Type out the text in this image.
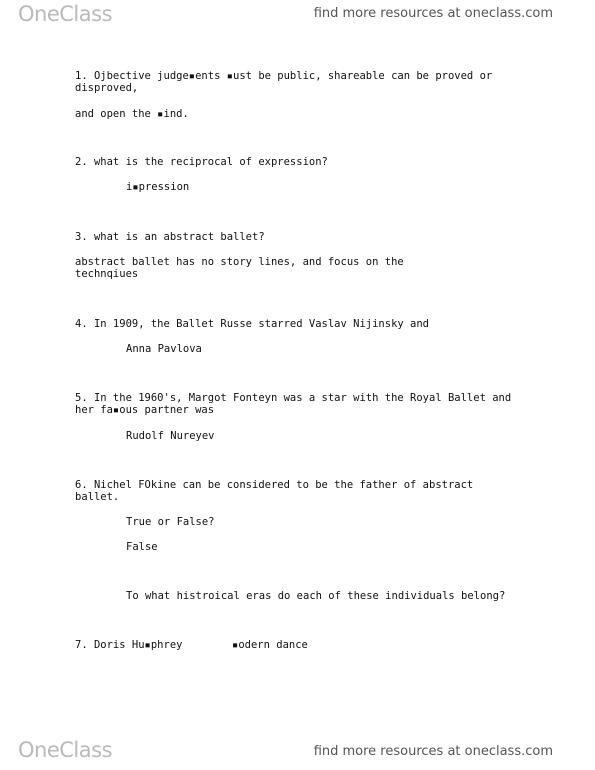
OneClass	find more resources at oneclass.com
1. Ojbective judge▪ents ▪ust be public, shareable can be proved or
disproved,
and open the ▪ind.
2. what is the reciprocal of expression?
i▪pression
3. what is an abstract ballet?
abstract ballet has no story lines, and focus on the
technqiues
4. In 1909, the Ballet Russe starred Vaslav Nijinsky and
Anna Pavlova
5. In the 1960's, Margot Fonteyn was a star with the Royal Ballet and
her fa▪ous partner was
Rudolf Nureyev
6. Nichel FOkine can be considered to be the father of abstract
ballet.
True or False?
False
To what histroical eras do each of these individuals belong?
7. Doris Hu▪phrey	▪odern dance
OneClass	find more resources at oneclass.com
